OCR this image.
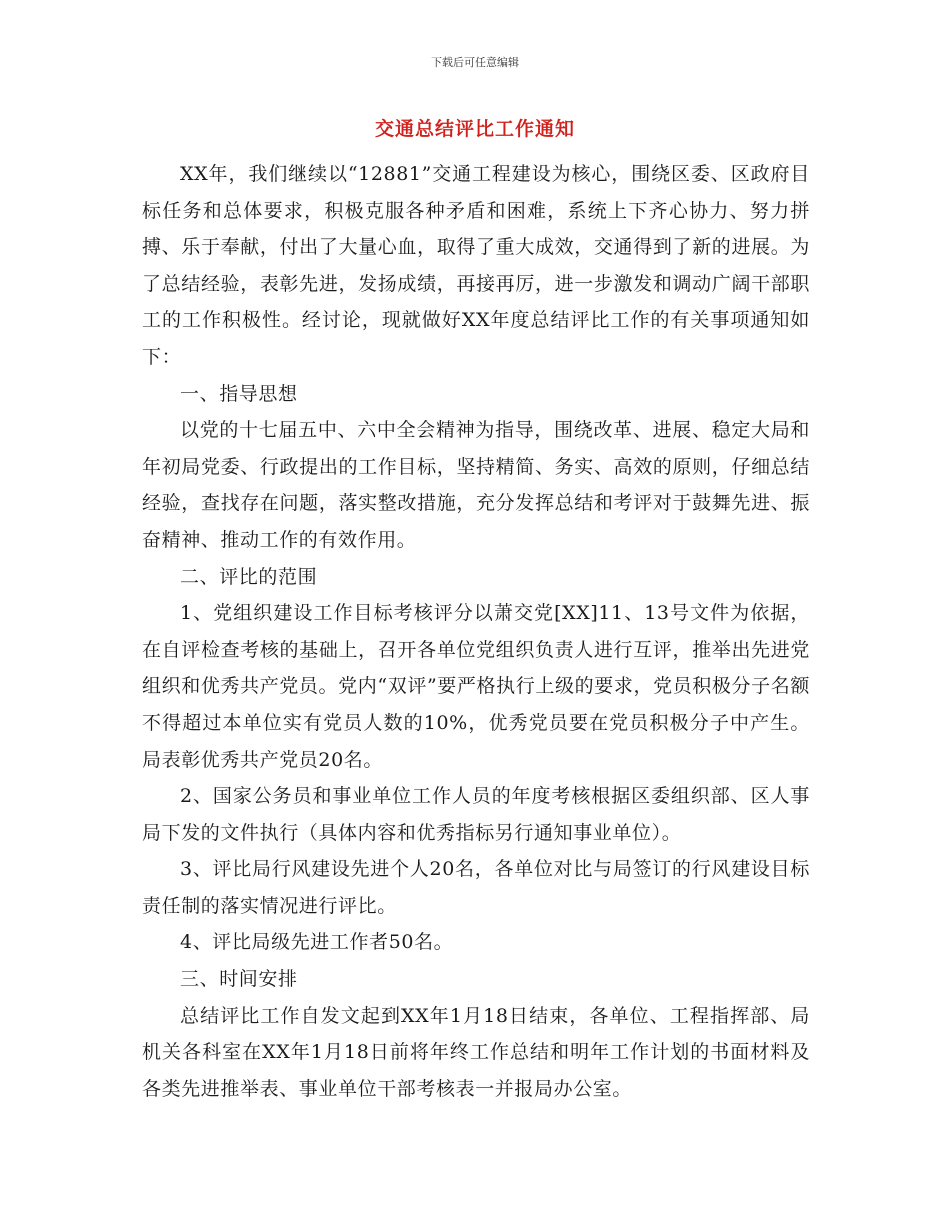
下载后可任意编辑
交通总结评比工作通知

XX年，我们继续以“12881”交通工程建设为核心，围绕区委、区政府目标任务和总体要求，积极克服各种矛盾和困难，系统上下齐心协力、努力拼搏、乐于奉献，付出了大量心血，取得了重大成效，交通得到了新的进展。为了总结经验，表彰先进，发扬成绩，再接再厉，进一步激发和调动广阔干部职工的工作积极性。经讨论，现就做好XX年度总结评比工作的有关事项通知如下：

一、指导思想

以党的十七届五中、六中全会精神为指导，围绕改革、进展、稳定大局和年初局党委、行政提出的工作目标，坚持精简、务实、高效的原则，仔细总结经验，查找存在问题，落实整改措施，充分发挥总结和考评对于鼓舞先进、振奋精神、推动工作的有效作用。

二、评比的范围

1、党组织建设工作目标考核评分以萧交党[XX]11、13号文件为依据，在自评检查考核的基础上，召开各单位党组织负责人进行互评，推举出先进党组织和优秀共产党员。党内“双评”要严格执行上级的要求，党员积极分子名额不得超过本单位实有党员人数的10%，优秀党员要在党员积极分子中产生。局表彰优秀共产党员20名。

2、国家公务员和事业单位工作人员的年度考核根据区委组织部、区人事局下发的文件执行（具体内容和优秀指标另行通知事业单位）。

3、评比局行风建设先进个人20名，各单位对比与局签订的行风建设目标责任制的落实情况进行评比。

4、评比局级先进工作者50名。

三、时间安排

总结评比工作自发文起到XX年1月18日结束，各单位、工程指挥部、局机关各科室在XX年1月18日前将年终工作总结和明年工作计划的书面材料及各类先进推举表、事业单位干部考核表一并报局办公室。
